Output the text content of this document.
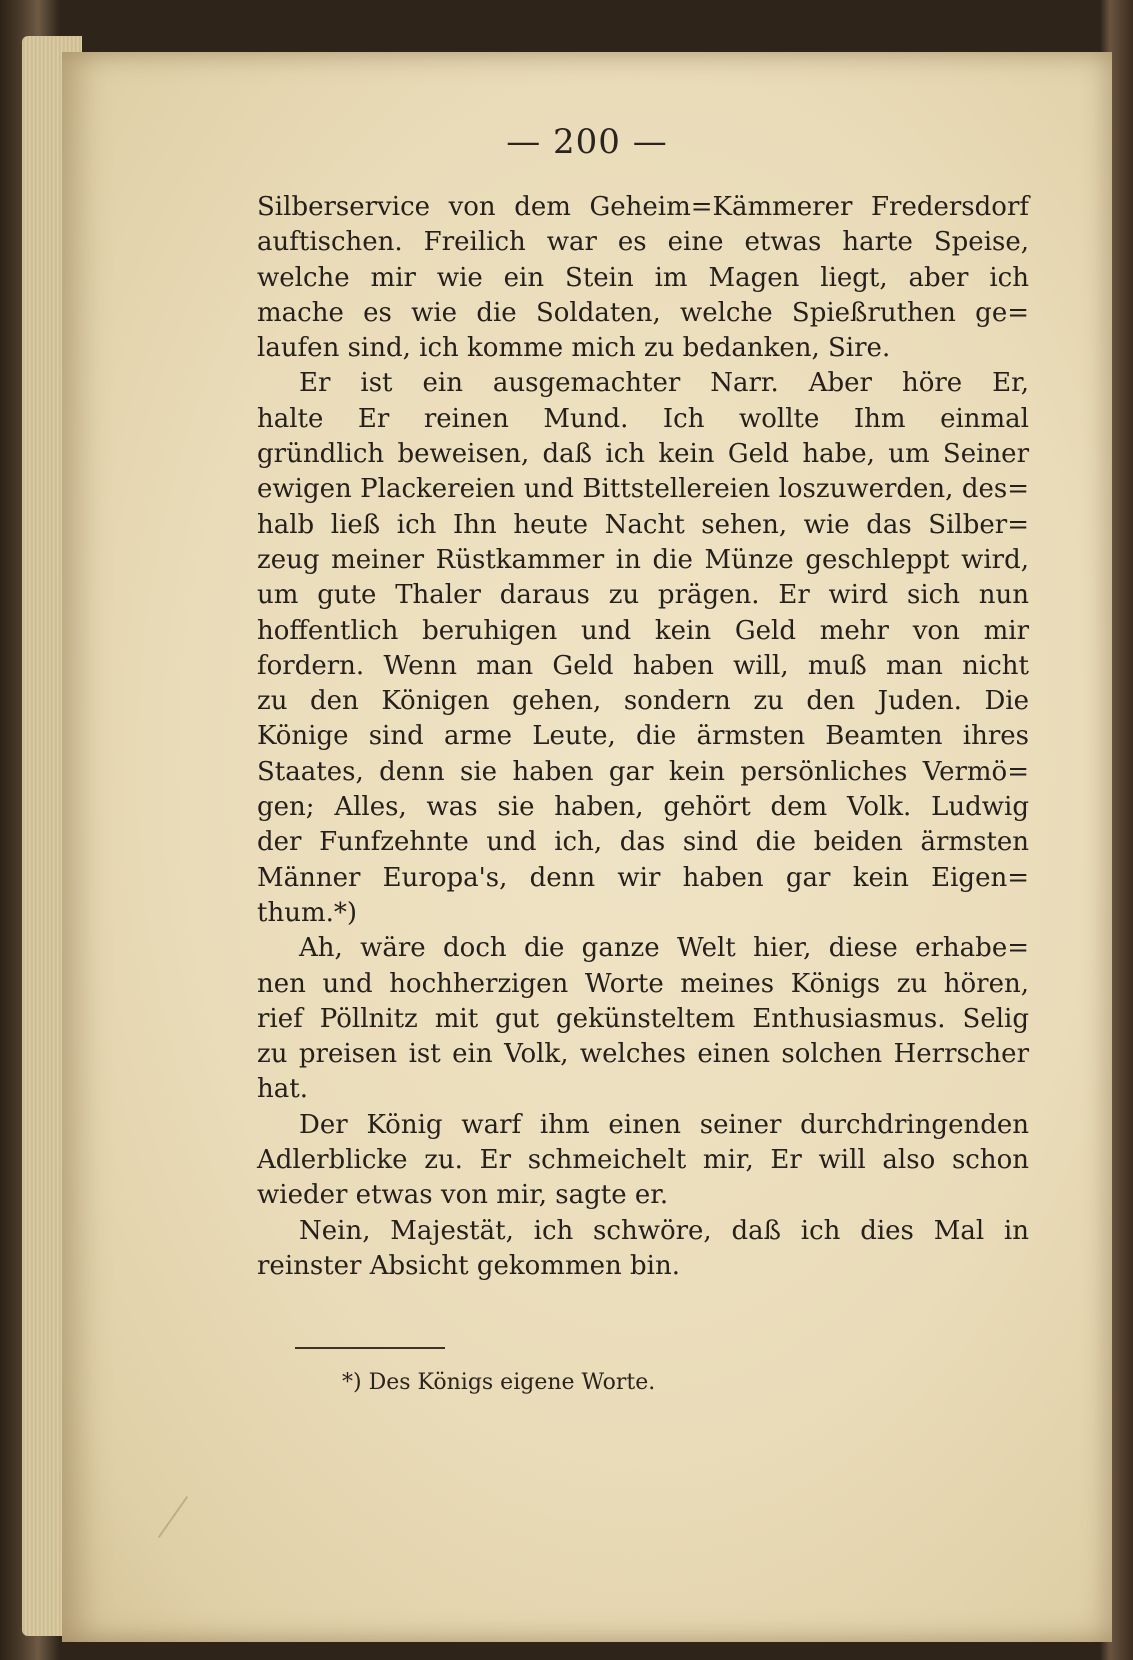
— 200 —
Silberservice von dem Geheim=Kämmerer Fredersdorf
auftischen. Freilich war es eine etwas harte Speise,
welche mir wie ein Stein im Magen liegt, aber ich
mache es wie die Soldaten, welche Spießruthen ge=
laufen sind, ich komme mich zu bedanken, Sire.
Er ist ein ausgemachter Narr. Aber höre Er,
halte Er reinen Mund. Ich wollte Ihm einmal
gründlich beweisen, daß ich kein Geld habe, um Seiner
ewigen Plackereien und Bittstellereien loszuwerden, des=
halb ließ ich Ihn heute Nacht sehen, wie das Silber=
zeug meiner Rüstkammer in die Münze geschleppt wird,
um gute Thaler daraus zu prägen. Er wird sich nun
hoffentlich beruhigen und kein Geld mehr von mir
fordern. Wenn man Geld haben will, muß man nicht
zu den Königen gehen, sondern zu den Juden. Die
Könige sind arme Leute, die ärmsten Beamten ihres
Staates, denn sie haben gar kein persönliches Vermö=
gen; Alles, was sie haben, gehört dem Volk. Ludwig
der Funfzehnte und ich, das sind die beiden ärmsten
Männer Europa's, denn wir haben gar kein Eigen=
thum.*)
Ah, wäre doch die ganze Welt hier, diese erhabe=
nen und hochherzigen Worte meines Königs zu hören,
rief Pöllnitz mit gut gekünsteltem Enthusiasmus. Selig
zu preisen ist ein Volk, welches einen solchen Herrscher
hat.
Der König warf ihm einen seiner durchdringenden
Adlerblicke zu. Er schmeichelt mir, Er will also schon
wieder etwas von mir, sagte er.
Nein, Majestät, ich schwöre, daß ich dies Mal in
reinster Absicht gekommen bin.
*) Des Königs eigene Worte.
